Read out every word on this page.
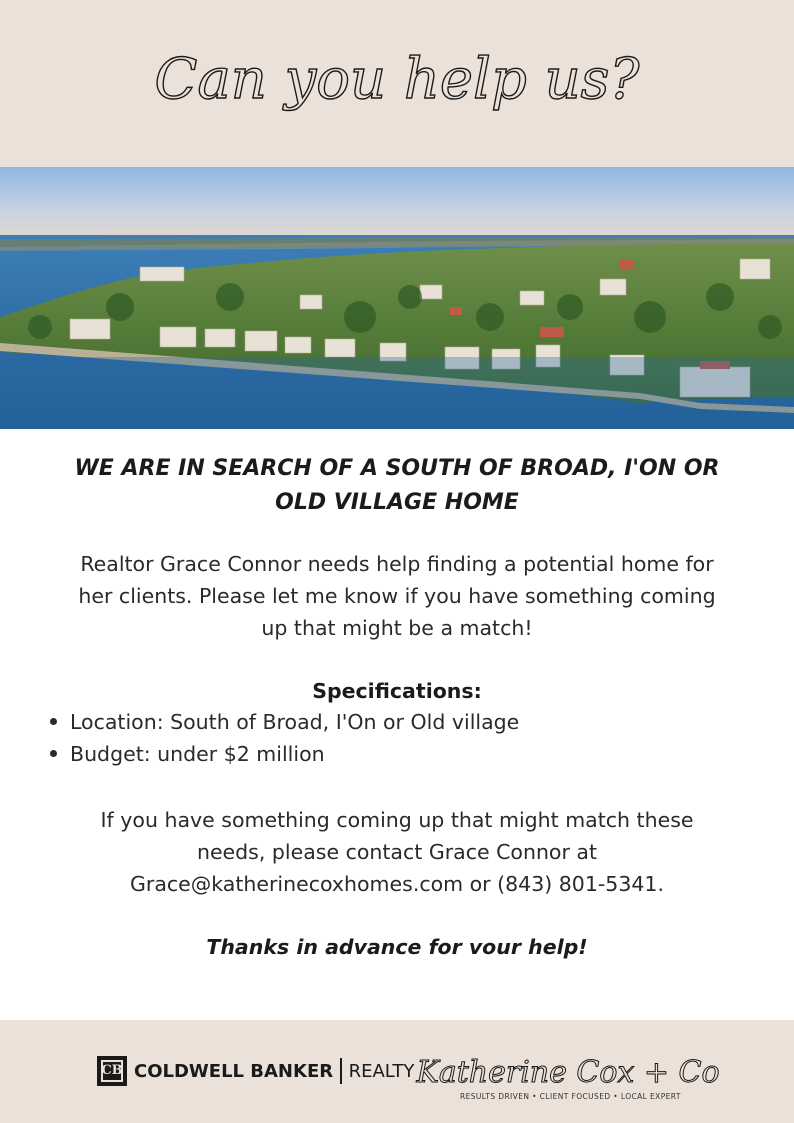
Can you help us?
WE ARE IN SEARCH OF A SOUTH OF BROAD, I'ON OR
OLD VILLAGE HOME
Realtor Grace Connor needs help finding a potential home for
her clients. Please let me know if you have something coming
up that might be a match!
Specifications:
Location: South of Broad, I'On or Old village
Budget: under $2 million
If you have something coming up that might match these
needs, please contact Grace Connor at
Grace@katherinecoxhomes.com or (843) 801-5341.
Thanks in advance for vour help!
CB COLDWELL BANKER REALTY Katherine Cox + Co
RESULTS DRIVEN • CLIENT FOCUSED • LOCAL EXPERT
